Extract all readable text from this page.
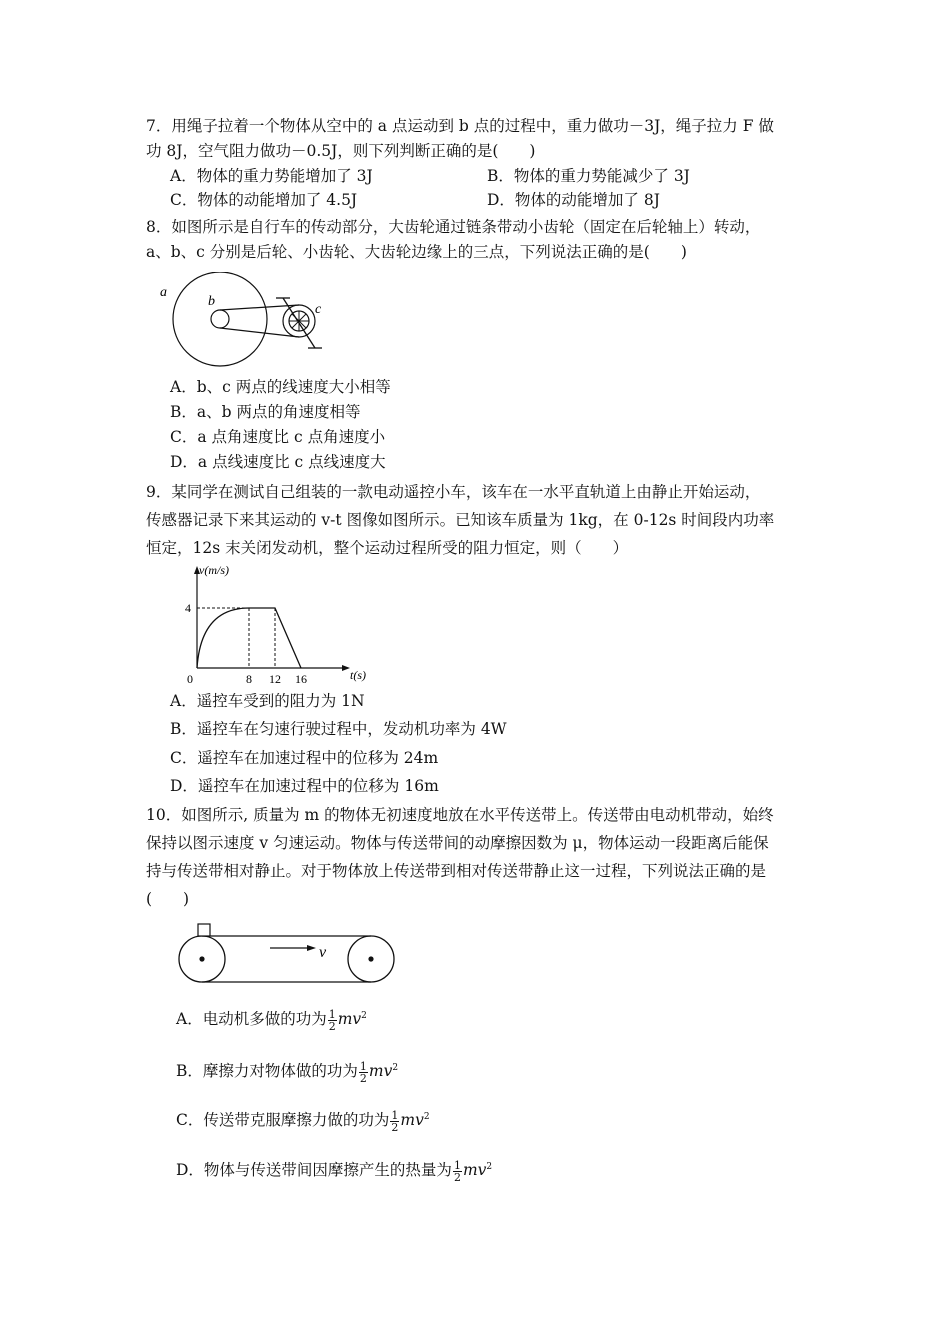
7．用绳子拉着一个物体从空中的 a 点运动到 b 点的过程中，重力做功－3J，绳子拉力 F 做
功 8J，空气阻力做功－0.5J，则下列判断正确的是(　　)
A．物体的重力势能增加了 3J	B．物体的重力势能减少了 3J
C．物体的动能增加了 4.5J	D．物体的动能增加了 8J
8．如图所示是自行车的传动部分，大齿轮通过链条带动小齿轮（固定在后轮轴上）转动，
a、b、c 分别是后轮、小齿轮、大齿轮边缘上的三点，下列说法正确的是(　　)
a
b
c
A．b、c 两点的线速度大小相等
B．a、b 两点的角速度相等
C．a 点角速度比 c 点角速度小
D．a 点线速度比 c 点线速度大
9．某同学在测试自己组装的一款电动遥控小车，该车在一水平直轨道上由静止开始运动，
传感器记录下来其运动的 v-t 图像如图所示。已知该车质量为 1kg，在 0-12s 时间段内功率
恒定，12s 末关闭发动机，整个运动过程所受的阻力恒定，则（　　）
v(m/s)
t(s)
0	8 12 16
4
A．遥控车受到的阻力为 1N
B．遥控车在匀速行驶过程中，发动机功率为 4W
C．遥控车在加速过程中的位移为 24m
D．遥控车在加速过程中的位移为 16m
10．如图所示, 质量为 m 的物体无初速度地放在水平传送带上。传送带由电动机带动，始终
保持以图示速度 v 匀速运动。物体与传送带间的动摩擦因数为 μ，物体运动一段距离后能保
持与传送带相对静止。对于物体放上传送带到相对传送带静止这一过程，下列说法正确的是
(　　)
v
A．电动机多做的功为 $\frac{1}{2} mv^2$
B．摩擦力对物体做的功为 $\frac{1}{2} mv^2$
C．传送带克服摩擦力做的功为 $\frac{1}{2} mv^2$
D．物体与传送带间因摩擦产生的热量为 $\frac{1}{2} mv^2$
